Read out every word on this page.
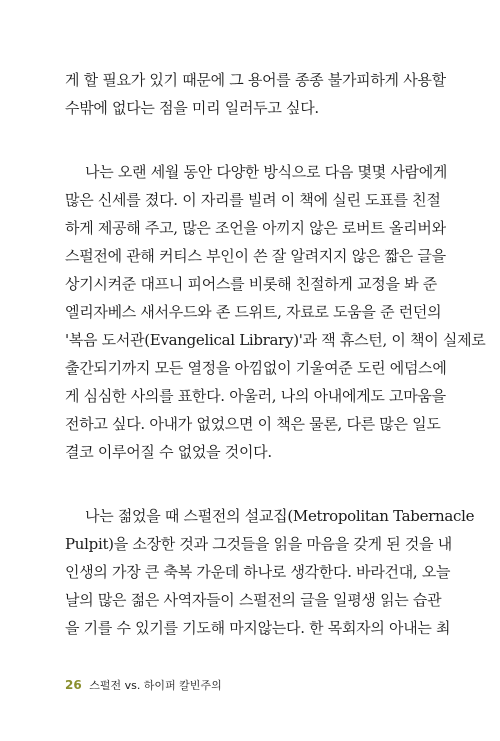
게 할 필요가 있기 때문에 그 용어를 종종 불가피하게 사용할
수밖에 없다는 점을 미리 일러두고 싶다.
나는 오랜 세월 동안 다양한 방식으로 다음 몇몇 사람에게
많은 신세를 졌다. 이 자리를 빌려 이 책에 실린 도표를 친절
하게 제공해 주고, 많은 조언을 아끼지 않은 로버트 올리버와
스펄전에 관해 커티스 부인이 쓴 잘 알려지지 않은 짧은 글을
상기시켜준 대프니 피어스를 비롯해 친절하게 교정을 봐 준
엘리자베스 새서우드와 존 드위트, 자료로 도움을 준 런던의
'복음 도서관(Evangelical Library)'과 잭 휴스턴, 이 책이 실제로
출간되기까지 모든 열정을 아낌없이 기울여준 도린 에덤스에
게 심심한 사의를 표한다. 아울러, 나의 아내에게도 고마움을
전하고 싶다. 아내가 없었으면 이 책은 물론, 다른 많은 일도
결코 이루어질 수 없었을 것이다.
나는 젊었을 때 스펄전의 설교집(Metropolitan Tabernacle
Pulpit)을 소장한 것과 그것들을 읽을 마음을 갖게 된 것을 내
인생의 가장 큰 축복 가운데 하나로 생각한다. 바라건대, 오늘
날의 많은 젊은 사역자들이 스펄전의 글을 일평생 읽는 습관
을 기를 수 있기를 기도해 마지않는다. 한 목회자의 아내는 최
26 스펄전 vs. 하이퍼 칼빈주의
